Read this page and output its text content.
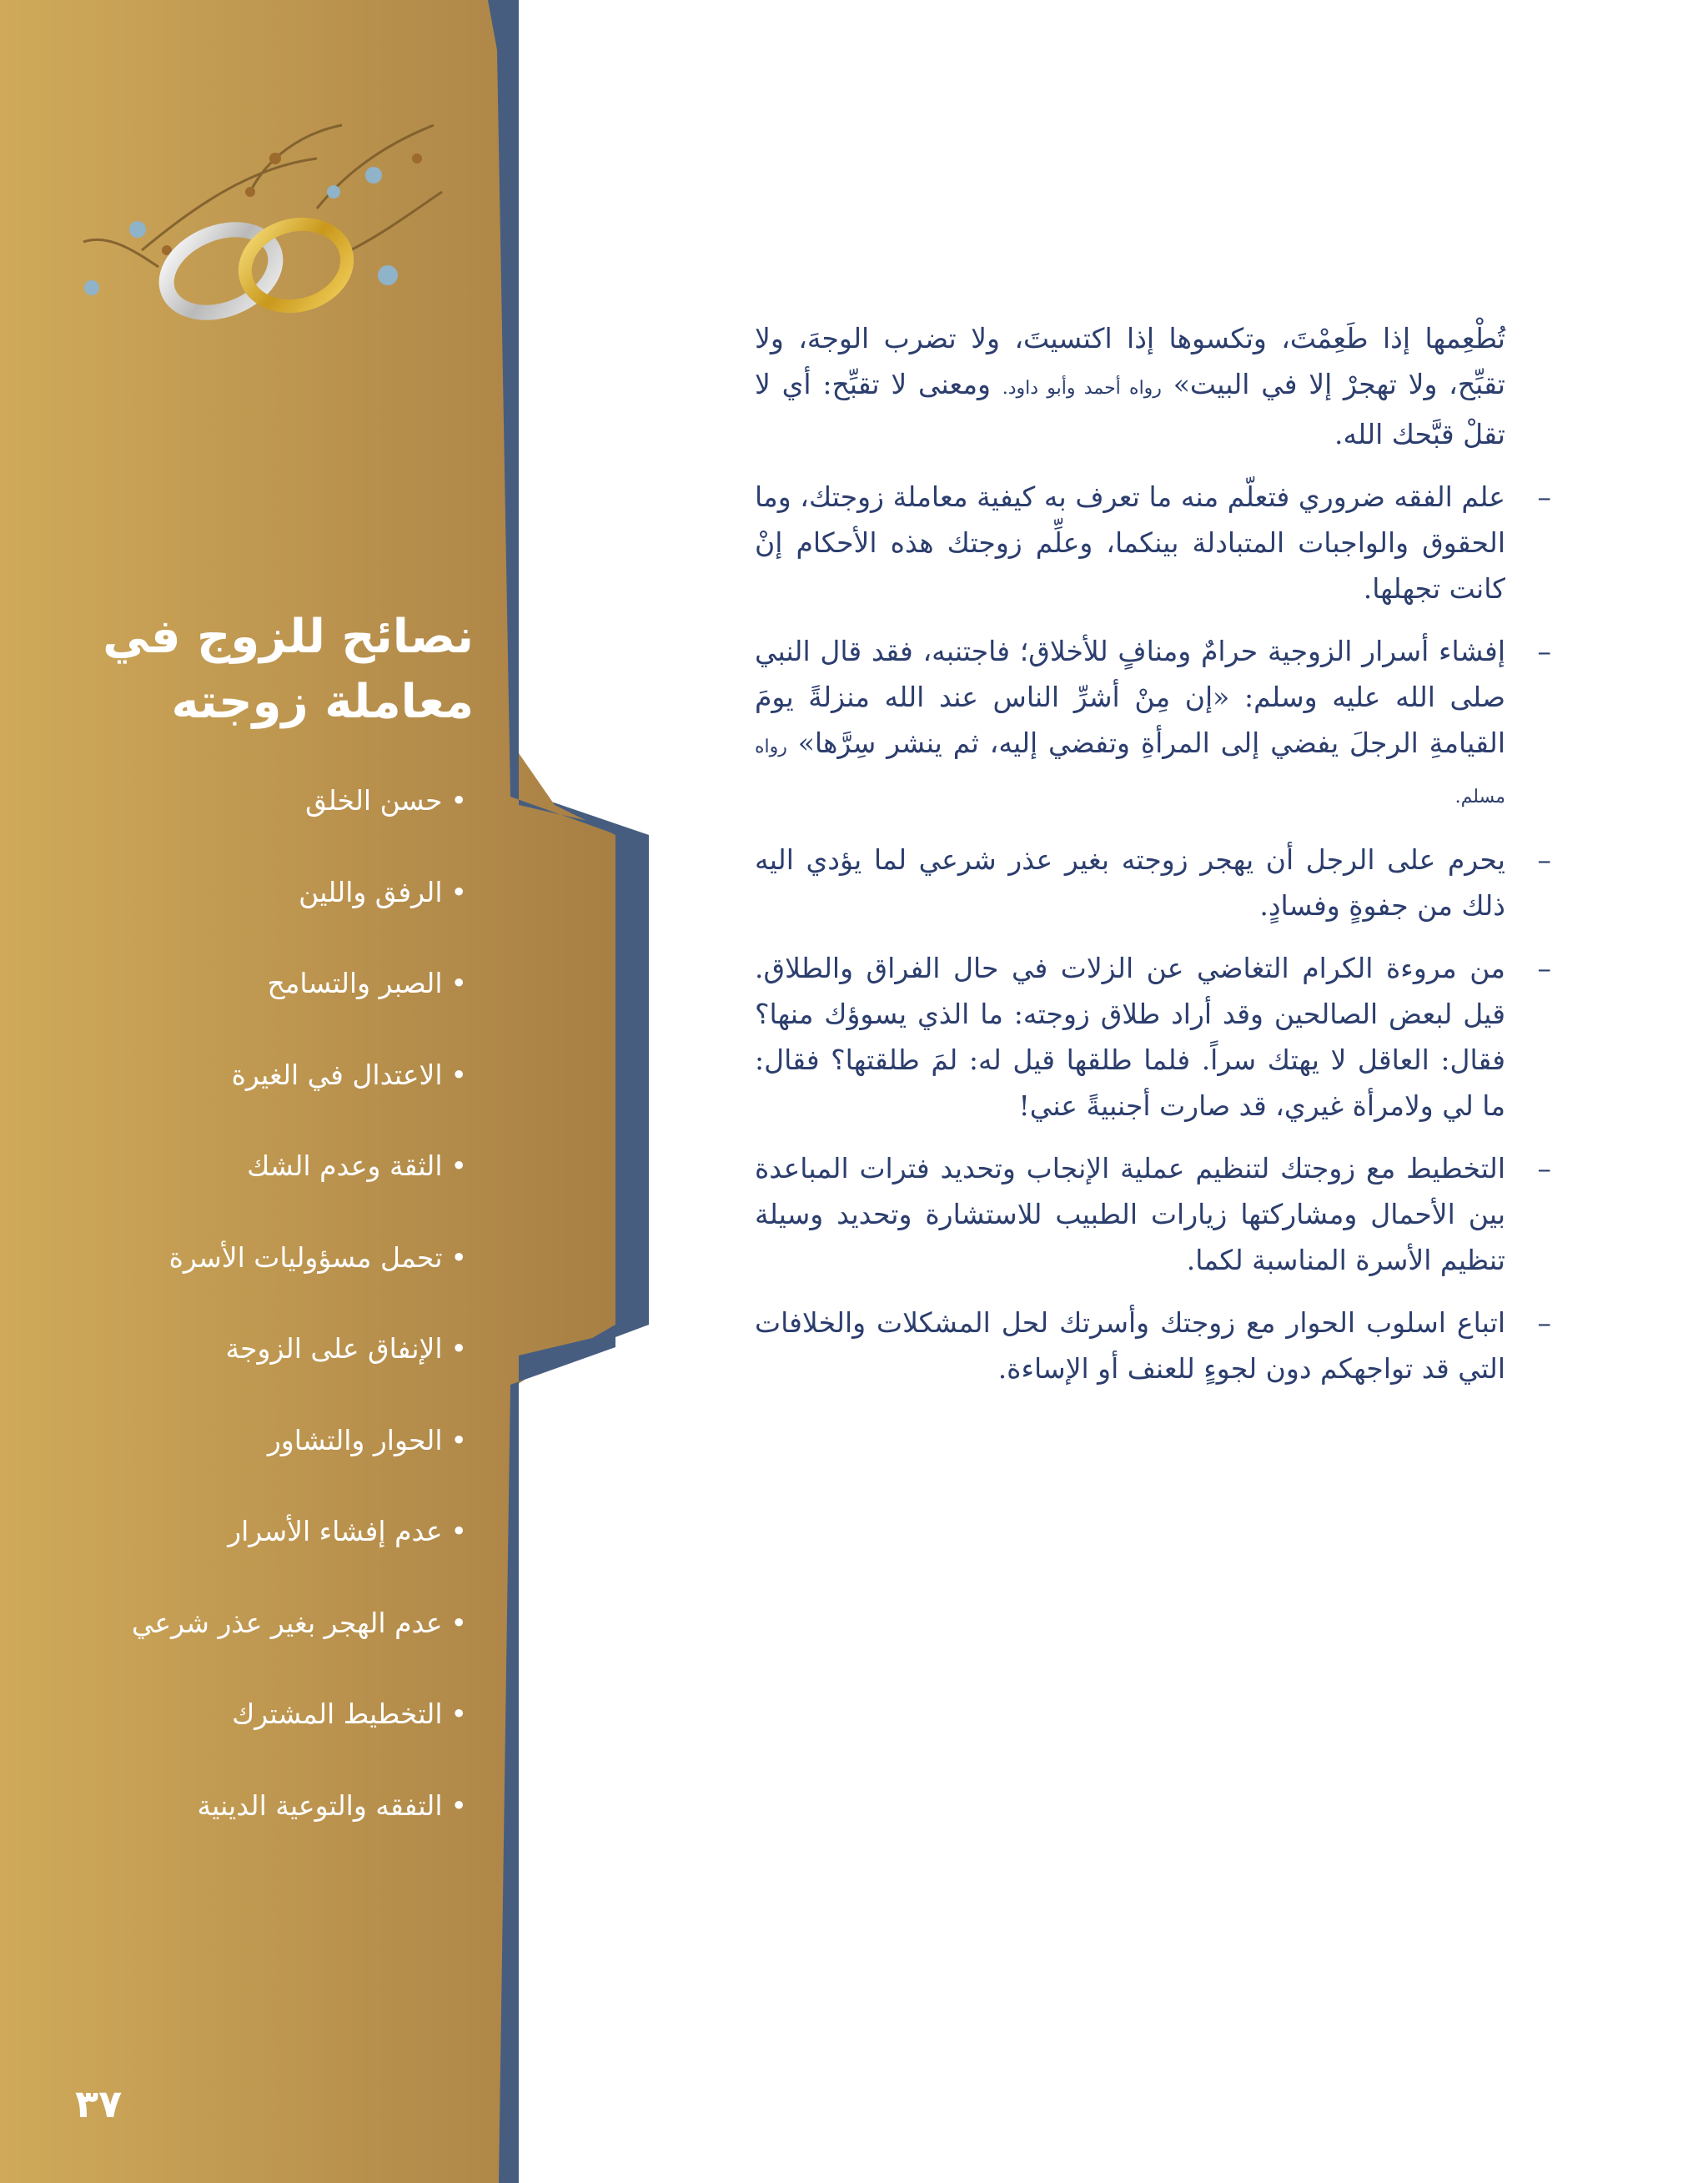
نصائح للزوج في
معاملة زوجته
•حسن الخلق
•الرفق واللين
•الصبر والتسامح
•الاعتدال في الغيرة
•الثقة وعدم الشك
•تحمل مسؤوليات الأسرة
•الإنفاق على الزوجة
•الحوار والتشاور
•عدم إفشاء الأسرار
•عدم الهجر بغير عذر شرعي
•التخطيط المشترك
•التفقه والتوعية الدينية
٣٧

تُطْعِمها إذا طَعِمْتَ، وتكسوها إذا اكتسيتَ، ولا تضرب الوجهَ، ولا تقبِّح، ولا تهجرْ إلا في البيت» رواه أحمد وأبو داود. ومعنى لا تقبِّح: أي لا تقلْ قبَّحك الله.

–
علم الفقه ضروري فتعلّم منه ما تعرف به كيفية معاملة زوجتك، وما الحقوق والواجبات المتبادلة بينكما، وعلِّم زوجتك هذه الأحكام إنْ كانت تجهلها.

–
إفشاء أسرار الزوجية حرامٌ ومنافٍ للأخلاق؛ فاجتنبه، فقد قال النبي صلى الله عليه وسلم: «إن مِنْ أشرِّ الناس عند الله منزلةً يومَ القيامةِ الرجلَ يفضي إلى المرأةِ وتفضي إليه، ثم ينشر سِرَّها» رواه مسلم.

–
يحرم على الرجل أن يهجر زوجته بغير عذر شرعي لما يؤدي اليه ذلك من جفوةٍ وفسادٍ.

–
من مروءة الكرام التغاضي عن الزلات في حال الفراق والطلاق. قيل لبعض الصالحين وقد أراد طلاق زوجته: ما الذي يسوؤك منها؟ فقال: العاقل لا يهتك سراً. فلما طلقها قيل له: لمَ طلقتها؟ فقال: ما لي ولامرأة غيري، قد صارت أجنبيةً عني!

–
التخطيط مع زوجتك لتنظيم عملية الإنجاب وتحديد فترات المباعدة بين الأحمال ومشاركتها زيارات الطبيب للاستشارة وتحديد وسيلة تنظيم الأسرة المناسبة لكما.

–
اتباع اسلوب الحوار مع زوجتك وأسرتك لحل المشكلات والخلافات التي قد تواجهكم دون لجوءٍ للعنف أو الإساءة.
